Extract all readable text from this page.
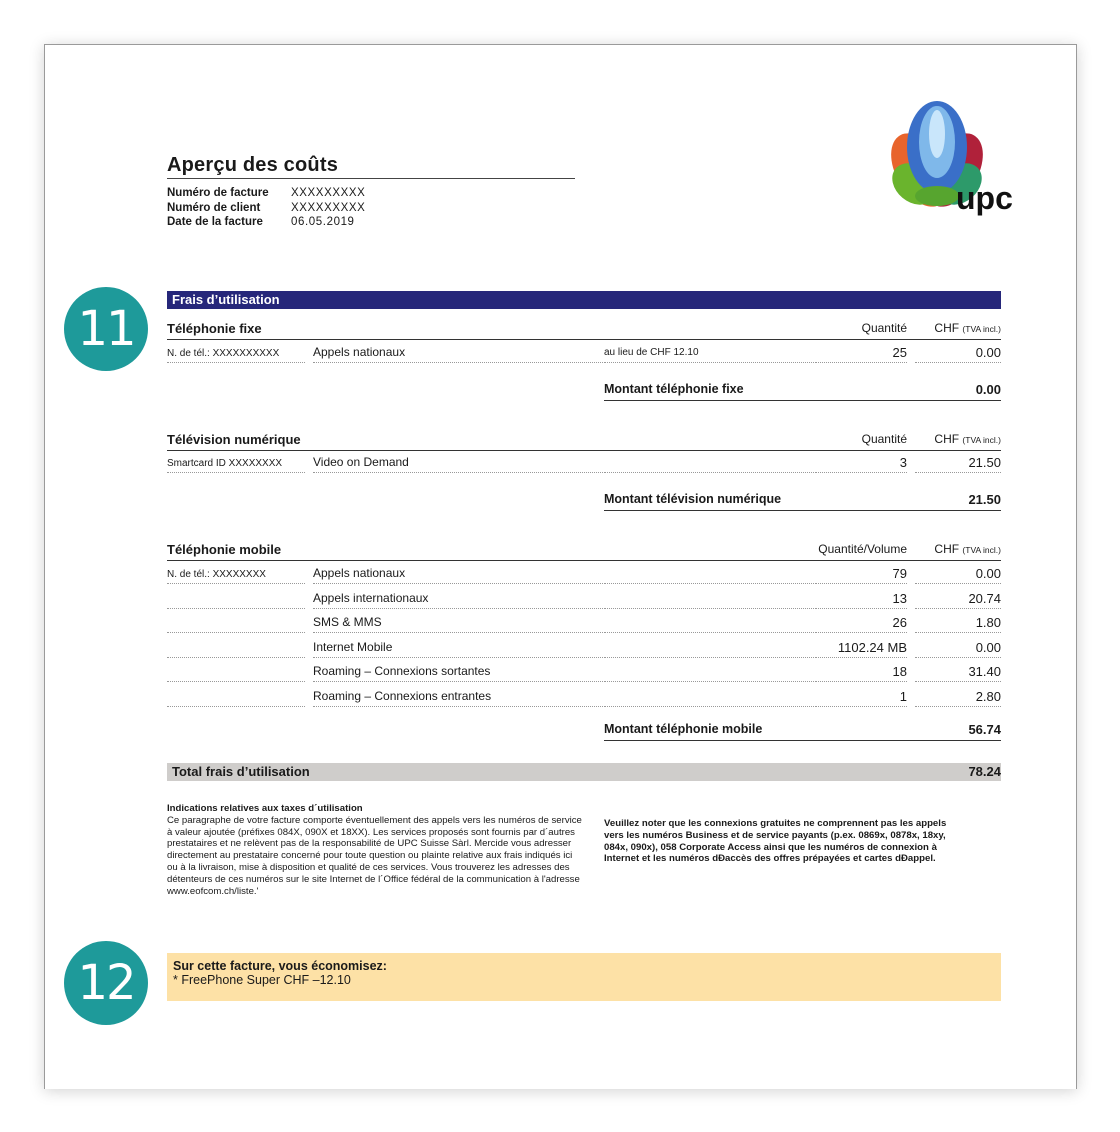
Aperçu des coûts
Numéro de facture	XXXXXXXXX
Numéro de client	XXXXXXXXX
Date de la facture	06.05.2019
upc
11
12
Frais d’utilisation
Téléphonie fixe	Quantité CHF (TVA incl.)
N. de tél.: XXXXXXXXXX	Appels nationaux	au lieu de CHF 12.10	25	0.00
Montant téléphonie fixe	0.00
Télévision numérique	Quantité CHF (TVA incl.)
Smartcard ID XXXXXXXX	Video on Demand	3	21.50
Montant télévision numérique	21.50
Téléphonie mobile	Quantité/Volume CHF (TVA incl.)
N. de tél.: XXXXXXXX	Appels nationaux	79	0.00
Appels internationaux	13	20.74
SMS & MMS	26	1.80
Internet Mobile	1102.24 MB	0.00
Roaming – Connexions sortantes	18	31.40
Roaming – Connexions entrantes	1	2.80
Montant téléphonie mobile	56.74
Total frais d’utilisation	78.24
Indications relatives aux taxes d´utilisation
Ce paragraphe de votre facture comporte éventuellement des appels vers les numéros de service à valeur ajoutée (préfixes 084X, 090X et 18XX). Les services proposés sont fournis par d´autres prestataires et ne relèvent pas de la responsabilité de UPC Suisse Sàrl. Mercide vous adresser directement au prestataire concerné pour toute question ou plainte relative aux frais indiqués ici ou à la livraison, mise à disposition et qualité de ces services. Vous trouverez les adresses des détenteurs de ces numéros sur le site Internet de l´Office fédéral de la communication à l'adresse www.eofcom.ch/liste.'
Veuillez noter que les connexions gratuites ne comprennent pas les appels vers les numéros Business et de service payants (p.ex. 0869x, 0878x, 18xy, 084x, 090x), 058 Corporate Access ainsi que les numéros de connexion à Internet et les numéros dĐaccès des offres prépayées et cartes dĐappel.
Sur cette facture, vous économisez:
* FreePhone Super CHF –12.10
